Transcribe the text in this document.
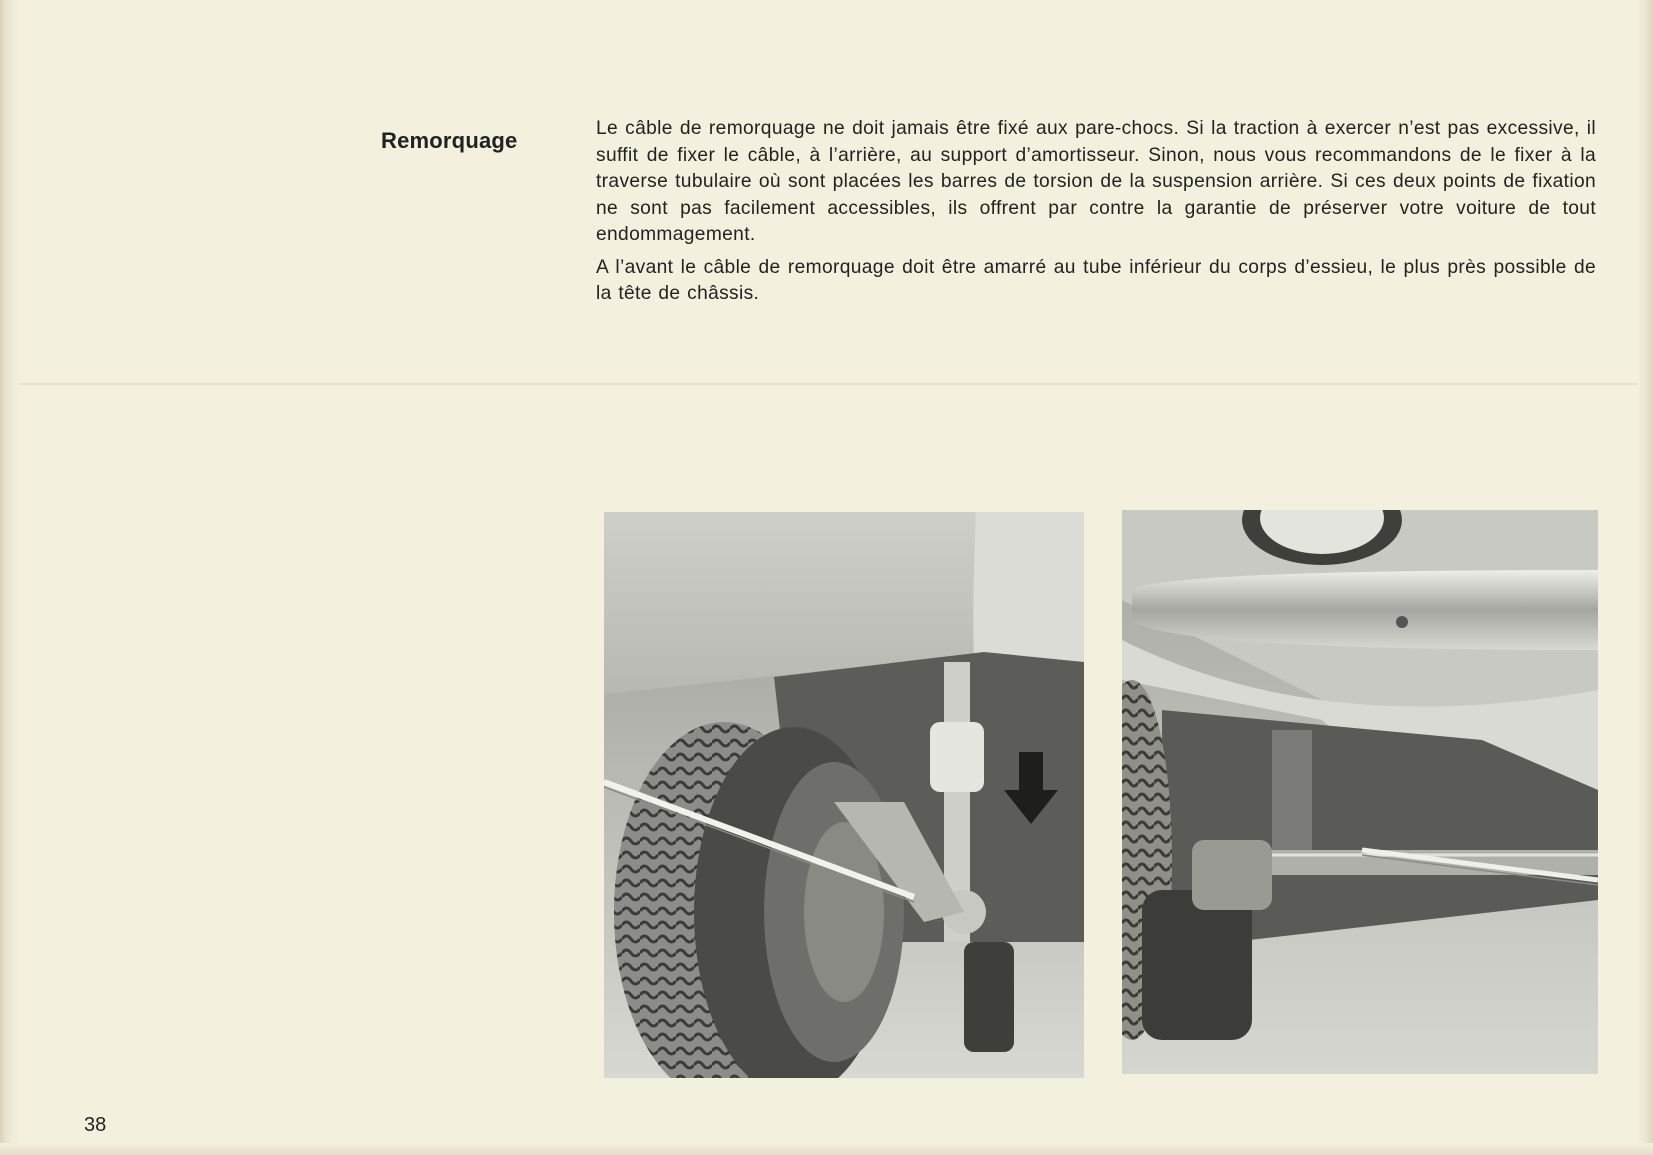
Remorquage	Le câble de remorquage ne doit jamais être fixé aux pare-chocs. Si la traction à exercer n’est pas excessive, il suffit de fixer le câble, à l’arrière, au support d’amortisseur. Sinon, nous vous recommandons de le fixer à la traverse tubulaire où sont placées les barres de torsion de la suspension arrière. Si ces deux points de fixation ne sont pas facilement accessibles, ils offrent par contre la garantie de préserver votre voiture de tout endommagement.

A l’avant le câble de remorquage doit être amarré au tube inférieur du corps d’essieu, le plus près possible de la tête de châssis.

38
